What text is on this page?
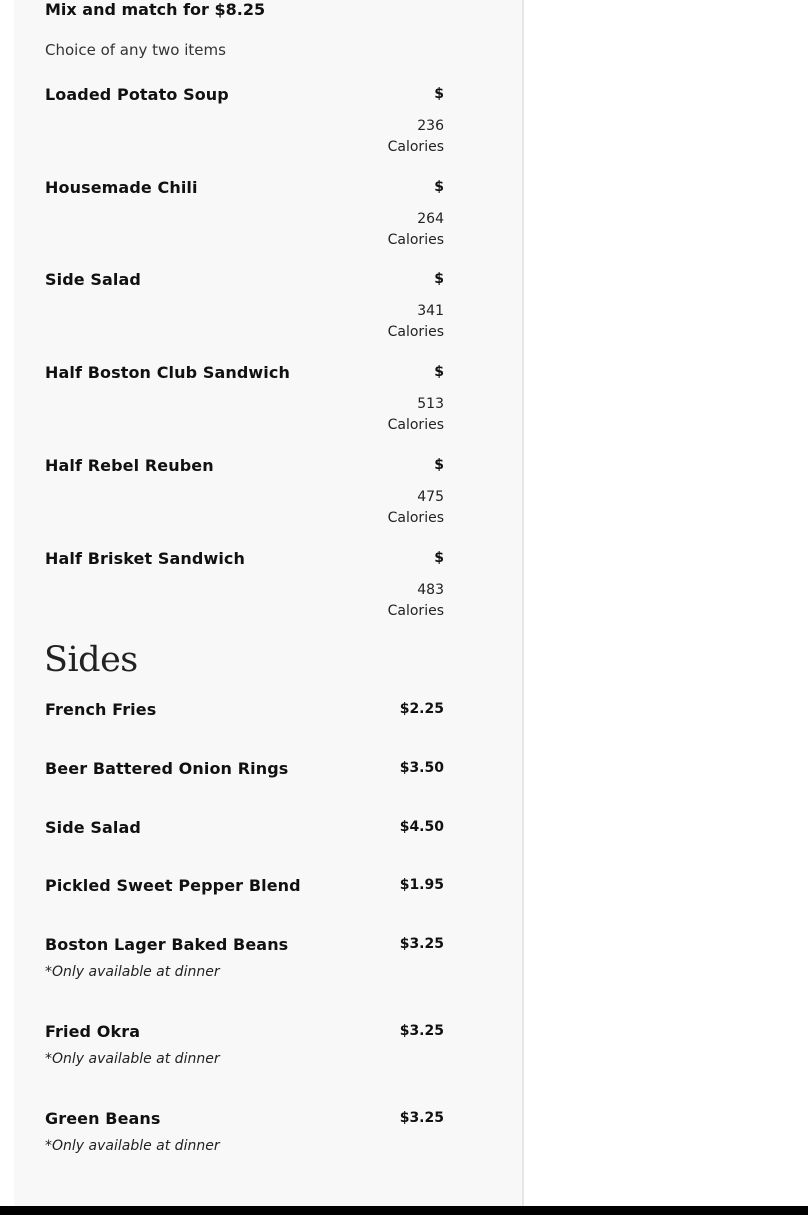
Mix and match for $8.25
Choice of any two items
Loaded Potato Soup	$
236
Calories
Housemade Chili	$
264
Calories
Side Salad	$
341
Calories
Half Boston Club Sandwich	$
513
Calories
Half Rebel Reuben	$
475
Calories
Half Brisket Sandwich	$
483
Calories
Sides
French Fries	$2.25
Beer Battered Onion Rings	$3.50
Side Salad	$4.50
Pickled Sweet Pepper Blend	$1.95
Boston Lager Baked Beans	$3.25
*Only available at dinner
Fried Okra	$3.25
*Only available at dinner
Green Beans	$3.25
*Only available at dinner
